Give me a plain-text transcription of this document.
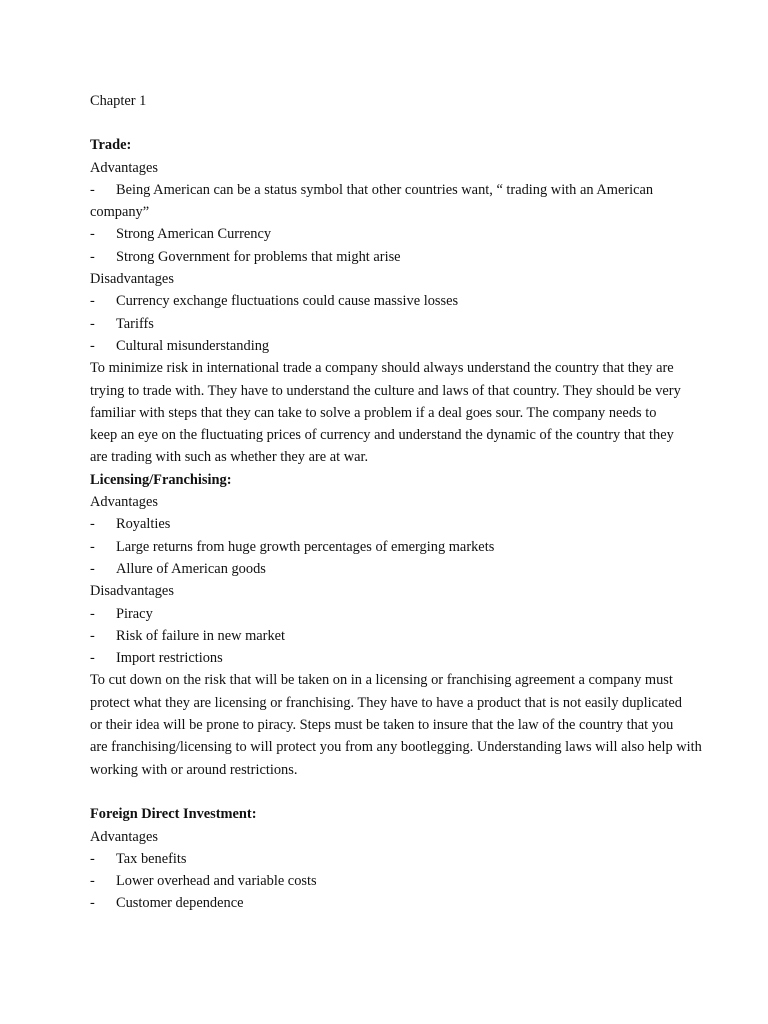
Chapter 1
Trade:
Advantages
-	Being American can be a status symbol that other countries want, “ trading with an American
company”
-	Strong American Currency
-	Strong Government for problems that might arise
Disadvantages
-	Currency exchange fluctuations could cause massive losses
-	Tariffs
-	Cultural misunderstanding
To minimize risk in international trade a company should always understand the country that they are
trying to trade with. They have to understand the culture and laws of that country. They should be very
familiar with steps that they can take to solve a problem if a deal goes sour. The company needs to
keep an eye on the fluctuating prices of currency and understand the dynamic of the country that they
are trading with such as whether they are at war.
Licensing/Franchising:
Advantages
-	Royalties
-	Large returns from huge growth percentages of emerging markets
-	Allure of American goods
Disadvantages
-	Piracy
-	Risk of failure in new market
-	Import restrictions
To cut down on the risk that will be taken on in a licensing or franchising agreement a company must
protect what they are licensing or franchising. They have to have a product that is not easily duplicated
or their idea will be prone to piracy. Steps must be taken to insure that the law of the country that you
are franchising/licensing to will protect you from any bootlegging. Understanding laws will also help with
working with or around restrictions.
Foreign Direct Investment:
Advantages
-	Tax benefits
-	Lower overhead and variable costs
-	Customer dependence
